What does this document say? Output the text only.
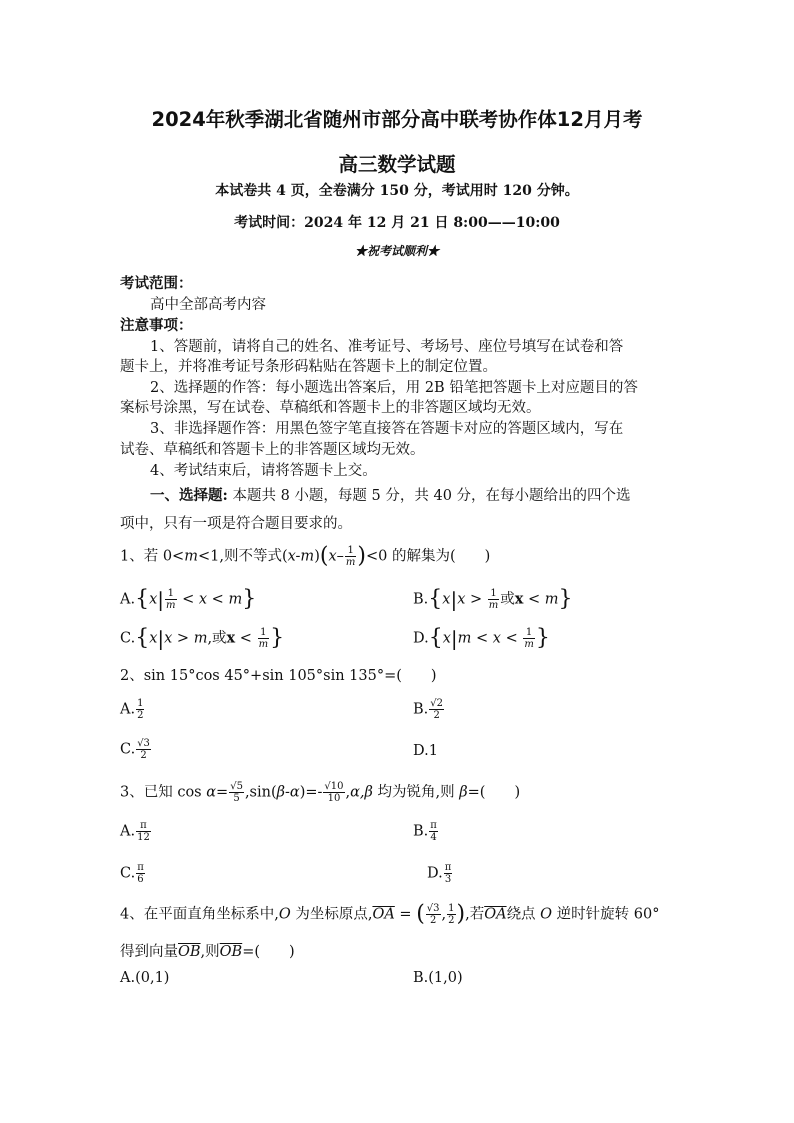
2024年秋季湖北省随州市部分高中联考协作体12月月考
高三数学试题
本试卷共 4 页，全卷满分 150 分，考试用时 120 分钟。
考试时间：2024 年 12 月 21 日 8:00——10:00
★祝考试顺利★
考试范围：
高中全部高考内容
注意事项：
1、答题前，请将自己的姓名、准考证号、考场号、座位号填写在试卷和答
题卡上，并将准考证号条形码粘贴在答题卡上的制定位置。
2、选择题的作答：每小题选出答案后，用 2B 铅笔把答题卡上对应题目的答
案标号涂黑，写在试卷、草稿纸和答题卡上的非答题区域均无效。
3、非选择题作答：用黑色签字笔直接答在答题卡对应的答题区域内，写在
试卷、草稿纸和答题卡上的非答题区域均无效。
4、考试结束后，请将答题卡上交。
一、选择题: 本题共 8 小题，每题 5 分，共 40 分，在每小题给出的四个选
项中，只有一项是符合题目要求的。
1、若 0<m<1,则不等式$(x-m)(x- \frac{1}{m} )<0$ 的解集为(　　)
$A.\{x| \frac{1}{m} < x < m\}$	$B.\{x|x > \frac{1}{m}$ 或x < m}
C.{x|x > m,或$x < \frac{1}{m}$ }	$D.\{x|m < x < \frac{1}{m}$ }
2、sin 15°cos 45°+sin 105°sin 135°=(　　)
A. $\frac{1}{2}$	B. $\frac{√2}{2}$
C. $\frac{√3}{2}$	D.1
3、已知 $\cos \alpha= \frac{√5}{5} ,\sin(\beta-\alpha)=- \frac{√10}{10} ,\alpha,\beta$ 均为锐角,则 β=(　　)
A. $\frac{\pi}{12}$	B. $\frac{\pi}{4}$
C. $\frac{\pi}{6}$	D. $\frac{\pi}{3}$
4、在平面直角坐标系中,O 为坐标原点$,\overline{OA}$ = ( $\frac{√3}{2}$ , $\frac{1}{2}$ ),若$\overline{OA}$绕点 O 逆时针旋转 60°
得到向量$\overline{OB}$,则$\overline{OB}=$(　　)
A.(0,1)	B.(1,0)
